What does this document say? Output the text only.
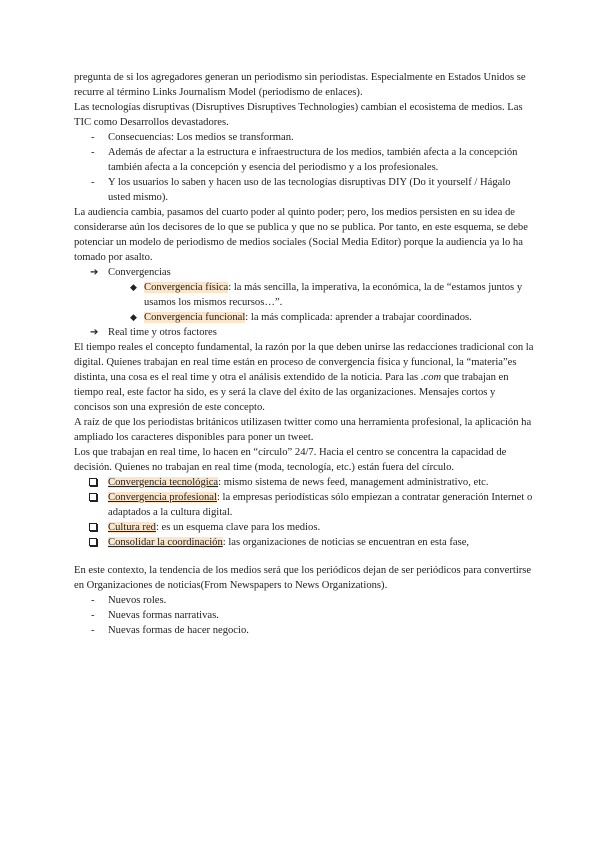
pregunta de si los agregadores generan un periodismo sin periodistas. Especialmente en Estados Unidos se recurre al término Links Journalism Model (periodismo de enlaces).

Las tecnologías disruptivas (Disruptives Disruptives Technologies) cambian el ecosistema de medios. Las TIC como Desarrollos devastadores.

- Consecuencias: Los medios se transforman.
- Además de afectar a la estructura e infraestructura de los medios, también afecta a la concepción también afecta a la concepción y esencia del periodismo y a los profesionales.
- Y los usuarios lo saben y hacen uso de las tecnologías disruptivas DIY (Do it yourself / Hágalo usted mismo).

La audiencia cambia, pasamos del cuarto poder al quinto poder; pero, los medios persisten en su idea de considerarse aún los decisores de lo que se publica y que no se publica. Por tanto, en este esquema, se debe potenciar un modelo de periodismo de medios sociales (Social Media Editor) porque la audiencia ya lo ha tomado por asalto.

➔ Convergencias
◆ Convergencia física: la más sencilla, la imperativa, la económica, la de “estamos juntos y usamos los mismos recursos…”.
◆ Convergencia funcional: la más complicada: aprender a trabajar coordinados.
➔ Real time y otros factores

El tiempo reales el concepto fundamental, la razón por la que deben unirse las redacciones tradicional con la digital. Quienes trabajan en real time están en proceso de convergencia física y funcional, la “materia”es distinta, una cosa es el real time y otra el análisis extendido de la noticia. Para las .com que trabajan en tiempo real, este factor ha sido, es y será la clave del éxito de las organizaciones. Mensajes cortos y concisos son una expresión de este concepto.

A raíz de que los periodistas británicos utilizasen twitter como una herramienta profesional, la aplicación ha ampliado los caracteres disponibles para poner un tweet.

Los que trabajan en real time, lo hacen en “círculo” 24/7. Hacia el centro se concentra la capacidad de decisión. Quienes no trabajan en real time (moda, tecnología, etc.) están fuera del círculo.

Convergencia tecnológica: mismo sistema de news feed, management administrativo, etc.
Convergencia profesional: la empresas periodísticas sólo empiezan a contratar generación Internet o adaptados a la cultura digital.
Cultura red: es un esquema clave para los medios.
Consolidar la coordinación: las organizaciones de noticias se encuentran en esta fase,

En este contexto, la tendencia de los medios será que los periódicos dejan de ser periódicos para convertirse en Organizaciones de noticias(From Newspapers to News Organizations).

- Nuevos roles.
- Nuevas formas narrativas.
- Nuevas formas de hacer negocio.
